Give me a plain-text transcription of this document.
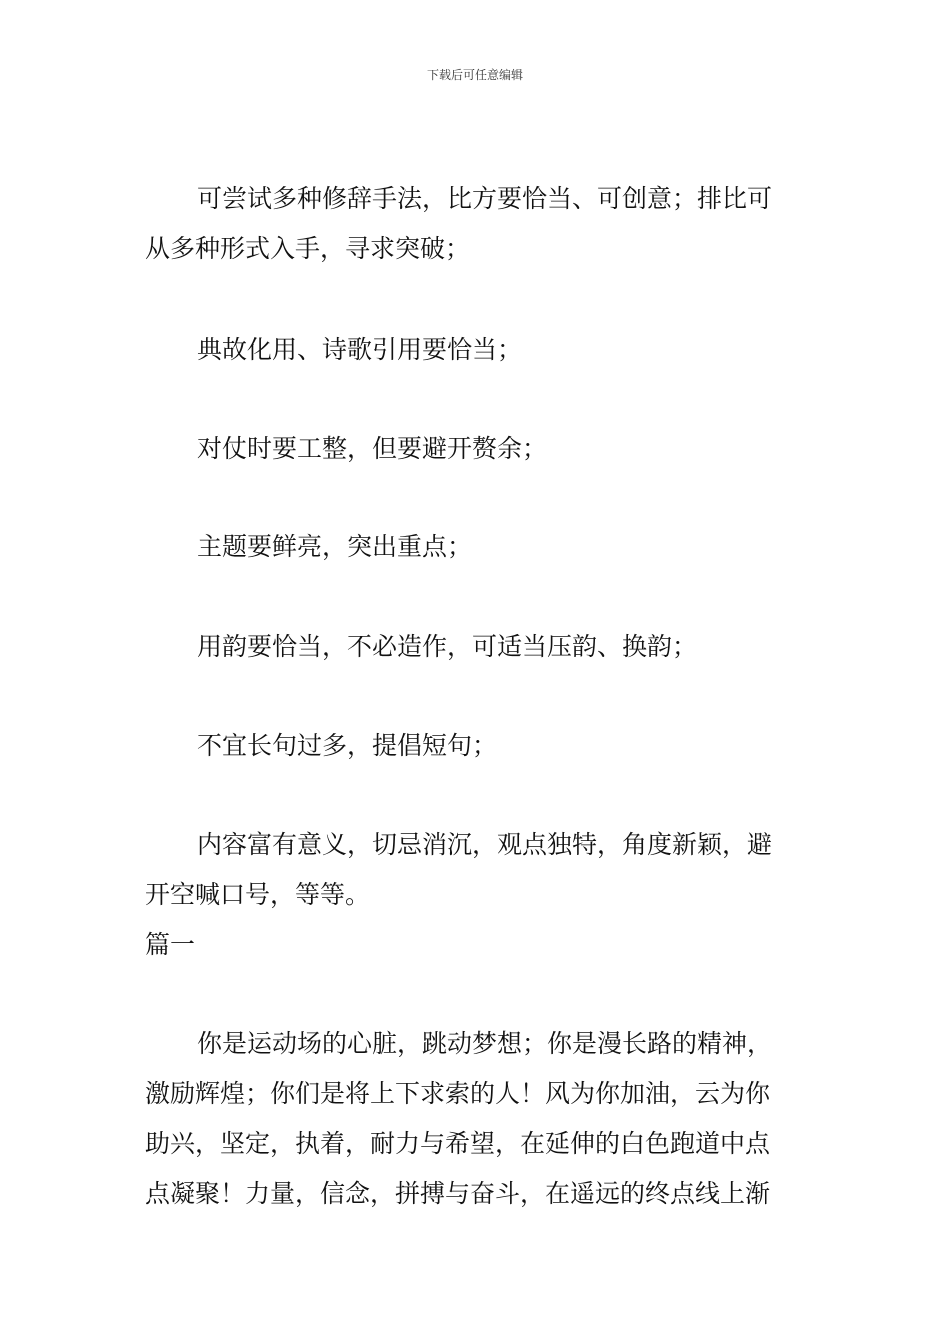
下载后可任意编辑
可尝试多种修辞手法，比方要恰当、可创意；排比可
从多种形式入手，寻求突破；
典故化用、诗歌引用要恰当；
对仗时要工整，但要避开赘余；
主题要鲜亮，突出重点；
用韵要恰当，不必造作，可适当压韵、换韵；
不宜长句过多，提倡短句；
内容富有意义，切忌消沉，观点独特，角度新颖，避
开空喊口号，等等。
篇一
你是运动场的心脏，跳动梦想；你是漫长路的精神，
激励辉煌；你们是将上下求索的人！风为你加油，云为你
助兴，坚定，执着，耐力与希望，在延伸的白色跑道中点
点凝聚！力量，信念，拼搏与奋斗，在遥远的终点线上渐
